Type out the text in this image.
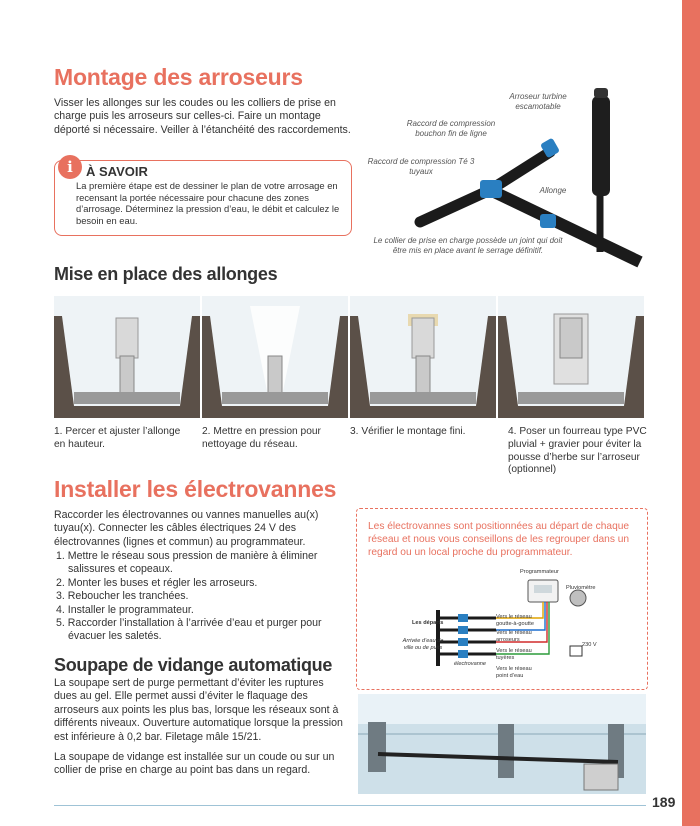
Montage des arroseurs

Visser les allonges sur les coudes ou les colliers de prise en charge puis les arroseurs sur celles-ci. Faire un montage déporté si nécessaire. Veiller à l’étanchéité des raccordements.

Arroseur turbine escamotable
Raccord de compression bouchon fin de ligne
Raccord de compression Té 3 tuyaux
Allonge
Le collier de prise en charge possède un joint qui doit être mis en place avant le serrage définitif.
i	À SAVOIR
La première étape est de dessiner le plan de votre arrosage en recensant la portée nécessaire pour chacune des zones d’arrosage. Déterminez la pression d’eau, le débit et calculez le besoin en eau.
Mise en place des allonges
1. Percer et ajuster l’allonge en hauteur.
2. Mettre en pression pour nettoyage du réseau.
3. Vérifier le montage fini.	4. Poser un fourreau type PVC pluvial + gravier pour éviter la pousse d’herbe sur l’arroseur (optionnel)
Installer les électrovannes

Raccorder les électrovannes ou vannes manuelles au(x) tuyau(x). Connecter les câbles électriques 24 V des électrovannes (lignes et commun) au programmateur.

1. Mettre le réseau sous pression de manière à éliminer salissures et copeaux.
2. Monter les buses et régler les arroseurs.
3. Reboucher les tranchées.
4. Installer le programmateur.
5. Raccorder l’installation à l’arrivée d’eau et purger pour évacuer les saletés.
Les électrovannes sont positionnées au départ de chaque réseau et nous vous conseillons de les regrouper dans un regard ou un local proche du programmateur.
Programmateur
Pluviomètre
Les départs
Arrivée d’eau de ville ou de puits
électrovanne
230 V
Vers le réseau goutte-à-goutte
Vers le réseau arroseurs
Vers le réseau tuyères
Vers le réseau point d’eau
Soupape de vidange automatique

La soupape sert de purge permettant d’éviter les ruptures dues au gel. Elle permet aussi d’éviter le flaquage des arroseurs aux points les plus bas, lorsque les réseaux sont à différents niveaux. Ouverture automatique lorsque la pression est inférieure à 0,2 bar. Filetage mâle 15/21.

La soupape de vidange est installée sur un coude ou sur un collier de prise en charge au point bas dans un regard.

189
